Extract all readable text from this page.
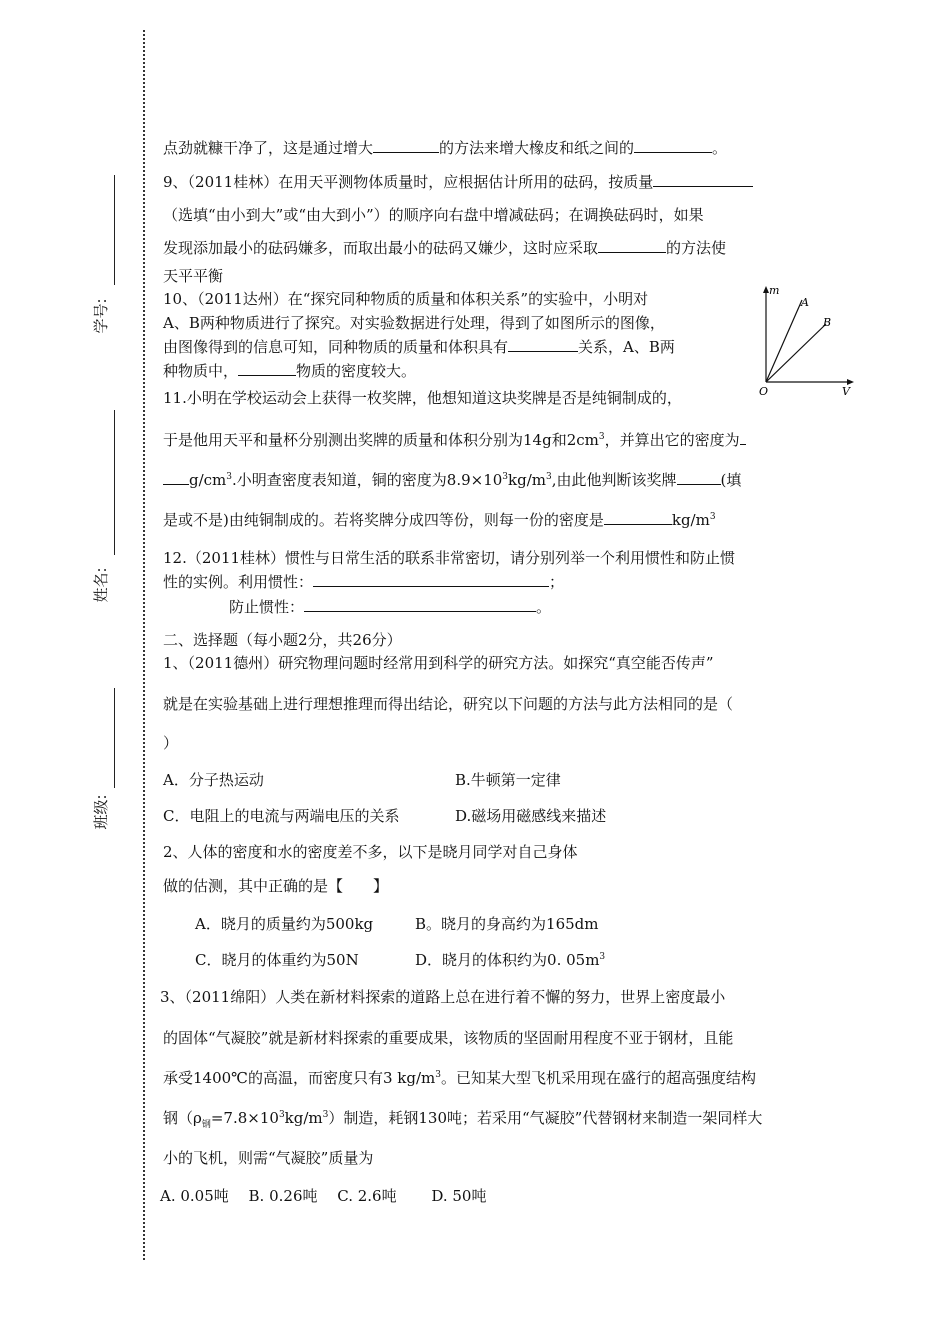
学号:
姓名:
班级:
点劲就糠干净了，这是通过增大	的方法来增大橡皮和纸之间的	。
9、（2011桂林）在用天平测物体质量时，应根据估计所用的砝码，按质量
（选填“由小到大”或“由大到小”）的顺序向右盘中增减砝码；在调换砝码时，如果
发现添加最小的砝码嫌多，而取出最小的砝码又嫌少，这时应采取	的方法使
天平平衡
10、（2011达州）在“探究同种物质的质量和体积关系”的实验中，小明对
A、B两种物质进行了探究。对实验数据进行处理，得到了如图所示的图像，
由图像得到的信息可知，同种物质的质量和体积具有	关系，A、B两
种物质中，	物质的密度较大。
m
V
O
A
B
11.小明在学校运动会上获得一枚奖牌，他想知道这块奖牌是否是纯铜制成的，
于是他用天平和量杯分别测出奖牌的质量和体积分别为14g和$2cm^3$，并算出它的密度为
$g/cm^3$.小明查密度表知道，铜的密度为$8.9\times 10^3kg/m^3$,由此他判断该奖牌	(填
是或不是)由纯铜制成的。若将奖牌分成四等份，则每一份的密度是	$kg/m^3$
12.（2011桂林）惯性与日常生活的联系非常密切，请分别列举一个利用惯性和防止惯
性的实例。利用惯性：	；
防止惯性：	。
二、选择题（每小题2分，共26分）
1、（2011德州）研究物理问题时经常用到科学的研究方法。如探究“真空能否传声”
就是在实验基础上进行理想推理而得出结论，研究以下问题的方法与此方法相同的是（
）
A．分子热运动	B.牛顿第一定律
C．电阻上的电流与两端电压的关系	D.磁场用磁感线来描述
2、人体的密度和水的密度差不多，以下是晓月同学对自己身体
做的估测，其中正确的是【　　】
A．晓月的质量约为500kg	B。晓月的身高约为165dm
C．晓月的体重约为50N	D．晓月的体积约为0. $05m^3$
3、（2011绵阳）人类在新材料探索的道路上总在进行着不懈的努力，世界上密度最小
的固体“气凝胶”就是新材料探索的重要成果，该物质的坚固耐用程度不亚于钢材，且能
承受1400℃的高温，而密度只有3 $kg/m^3$。已知某大型飞机采用现在盛行的超高强度结构
钢$(\rho_钢=7.8\times 10^3kg/m^3)$制造，耗钢130吨；若采用“气凝胶”代替钢材来制造一架同样大
小的飞机，则需“气凝胶”质量为
A. 0.05吨　 B. 0.26吨　 C. 2.6吨　　 D. 50吨
